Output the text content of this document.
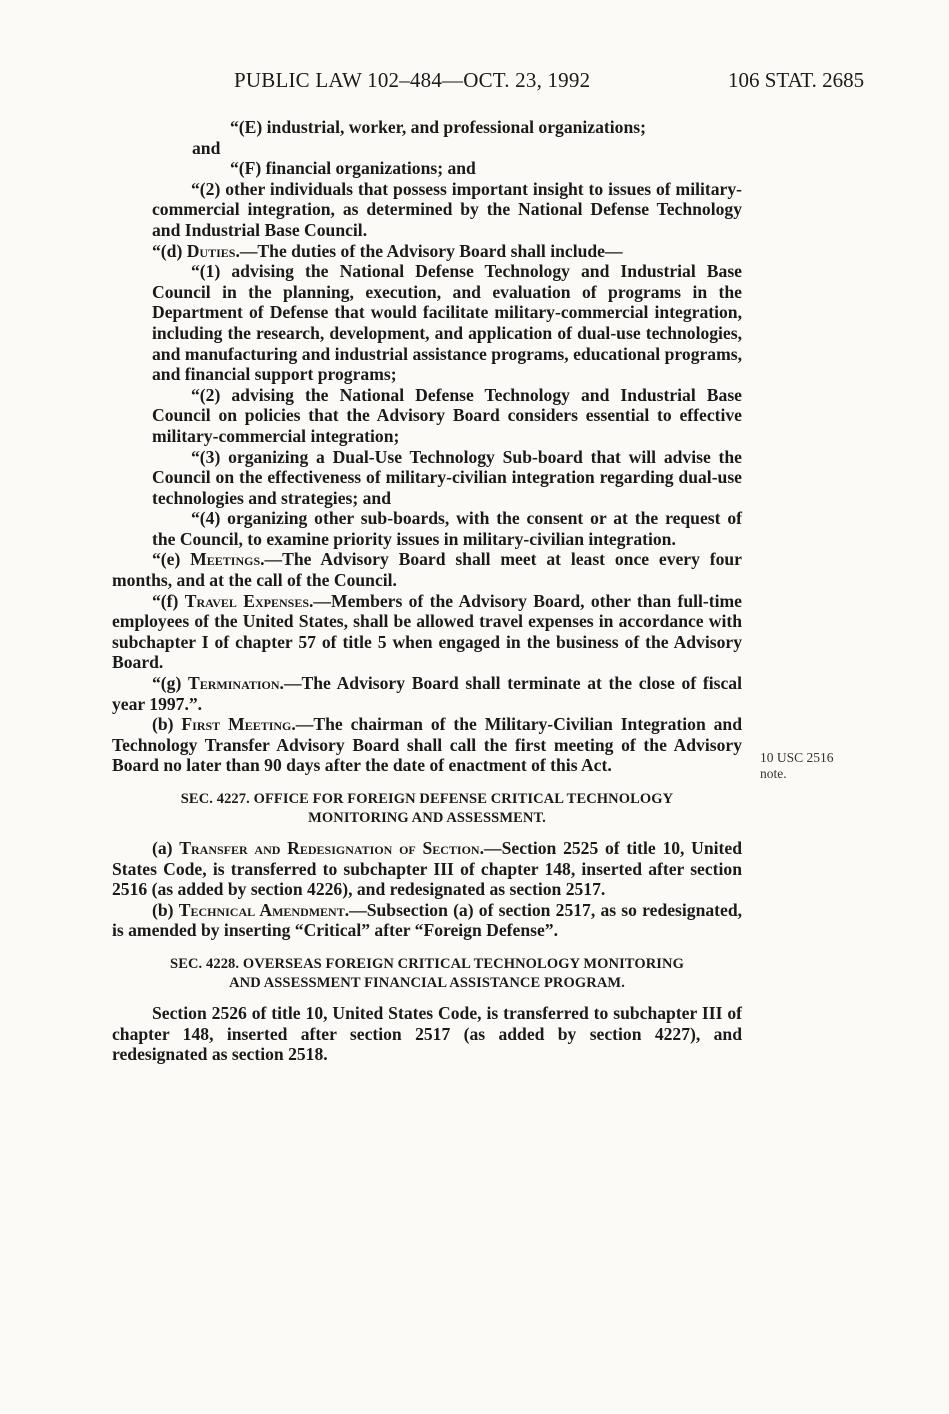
PUBLIC LAW 102–484—OCT. 23, 1992	106 STAT. 2685

“(E) industrial, worker, and professional organizations;

and

“(F) financial organizations; and

“(2) other individuals that possess important insight to issues of military-commercial integration, as determined by the National Defense Technology and Industrial Base Council.

“(d) Duties.—The duties of the Advisory Board shall include—

“(1) advising the National Defense Technology and Industrial Base Council in the planning, execution, and evaluation of programs in the Department of Defense that would facilitate military-commercial integration, including the research, development, and application of dual-use technologies, and manufacturing and industrial assistance programs, educational programs, and financial support programs;

“(2) advising the National Defense Technology and Industrial Base Council on policies that the Advisory Board considers essential to effective military-commercial integration;

“(3) organizing a Dual-Use Technology Sub-board that will advise the Council on the effectiveness of military-civilian integration regarding dual-use technologies and strategies; and

“(4) organizing other sub-boards, with the consent or at the request of the Council, to examine priority issues in military-civilian integration.

“(e) Meetings.—The Advisory Board shall meet at least once every four months, and at the call of the Council.

“(f) Travel Expenses.—Members of the Advisory Board, other than full-time employees of the United States, shall be allowed travel expenses in accordance with subchapter I of chapter 57 of title 5 when engaged in the business of the Advisory Board.

“(g) Termination.—The Advisory Board shall terminate at the close of fiscal year 1997.”.

(b) First Meeting.—The chairman of the Military-Civilian Integration and Technology Transfer Advisory Board shall call the first meeting of the Advisory Board no later than 90 days after the date of enactment of this Act.

SEC. 4227. OFFICE FOR FOREIGN DEFENSE CRITICAL TECHNOLOGY
MONITORING AND ASSESSMENT.

(a) Transfer and Redesignation of Section.—Section 2525 of title 10, United States Code, is transferred to subchapter III of chapter 148, inserted after section 2516 (as added by section 4226), and redesignated as section 2517.

(b) Technical Amendment.—Subsection (a) of section 2517, as so redesignated, is amended by inserting “Critical” after “Foreign Defense”.

SEC. 4228. OVERSEAS FOREIGN CRITICAL TECHNOLOGY MONITORING
AND ASSESSMENT FINANCIAL ASSISTANCE PROGRAM.

Section 2526 of title 10, United States Code, is transferred to subchapter III of chapter 148, inserted after section 2517 (as added by section 4227), and redesignated as section 2518.

10 USC 2516
note.
